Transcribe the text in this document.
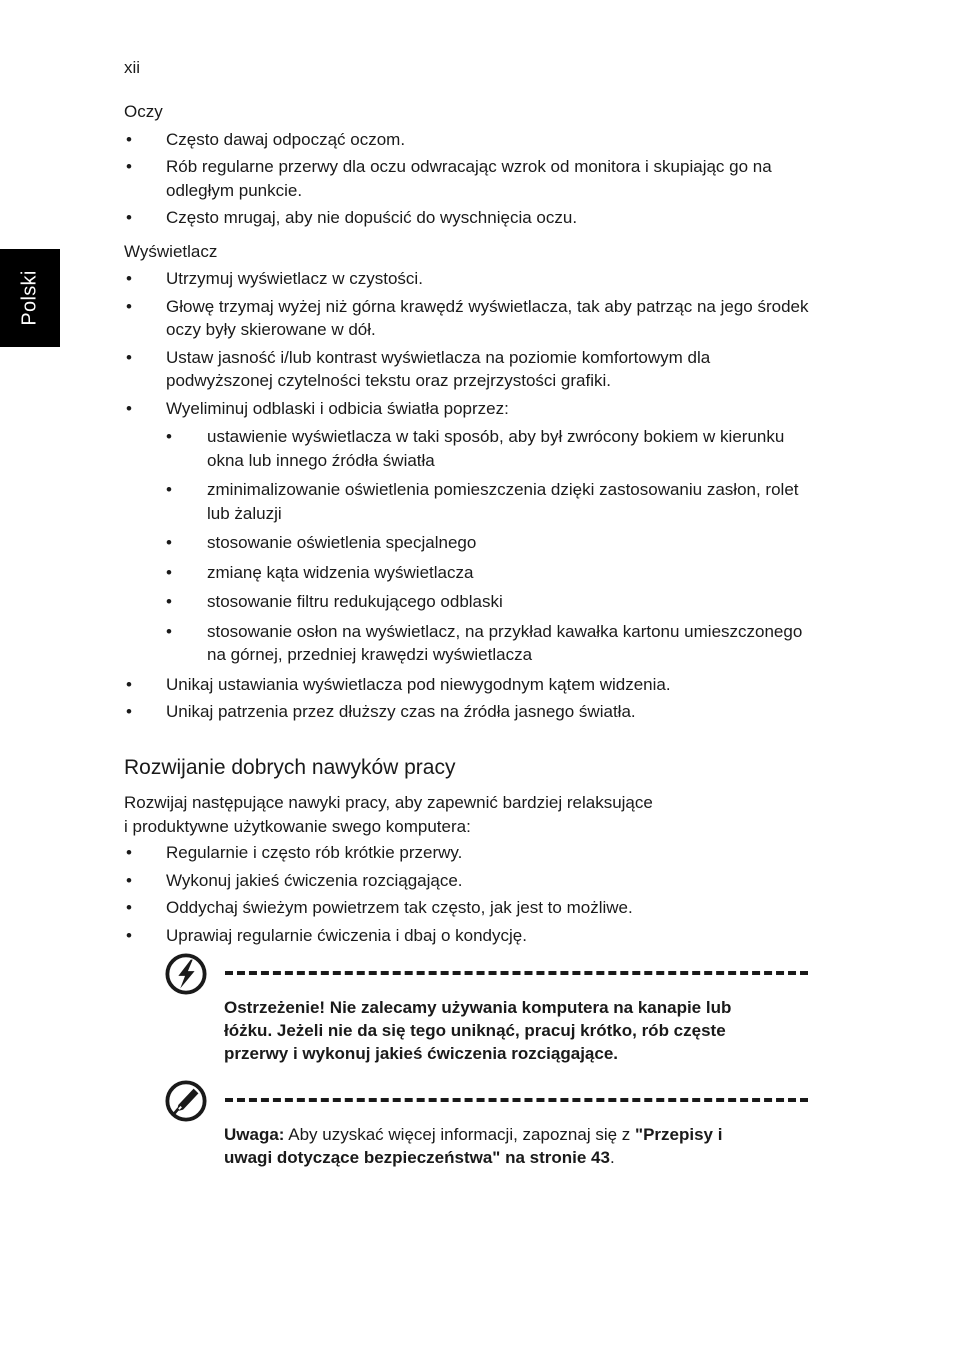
xii
Polski

Oczy

• Często dawaj odpocząć oczom.
• Rób regularne przerwy dla oczu odwracając wzrok od monitora i skupiając go na odległym punkcie.
• Często mrugaj, aby nie dopuścić do wyschnięcia oczu.

Wyświetlacz

• Utrzymuj wyświetlacz w czystości.
• Głowę trzymaj wyżej niż górna krawędź wyświetlacza, tak aby patrząc na jego środek oczy były skierowane w dół.
• Ustaw jasność i/lub kontrast wyświetlacza na poziomie komfortowym dla podwyższonej czytelności tekstu oraz przejrzystości grafiki.
• Wyeliminuj odblaski i odbicia światła poprzez:
• ustawienie wyświetlacza w taki sposób, aby był zwrócony bokiem w kierunku okna lub innego źródła światła
• zminimalizowanie oświetlenia pomieszczenia dzięki zastosowaniu zasłon, rolet lub żaluzji
• stosowanie oświetlenia specjalnego
• zmianę kąta widzenia wyświetlacza
• stosowanie filtru redukującego odblaski
• stosowanie osłon na wyświetlacz, na przykład kawałka kartonu umieszczonego na górnej, przedniej krawędzi wyświetlacza
• Unikaj ustawiania wyświetlacza pod niewygodnym kątem widzenia.
• Unikaj patrzenia przez dłuższy czas na źródła jasnego światła.
Rozwijanie dobrych nawyków pracy

Rozwijaj następujące nawyki pracy, aby zapewnić bardziej relaksujące
i produktywne użytkowanie swego komputera:

• Regularnie i często rób krótkie przerwy.
• Wykonuj jakieś ćwiczenia rozciągające.
• Oddychaj świeżym powietrzem tak często, jak jest to możliwe.
• Uprawiaj regularnie ćwiczenia i dbaj o kondycję.
Ostrzeżenie! Nie zalecamy używania komputera na kanapie lub
łóżku. Jeżeli nie da się tego uniknąć, pracuj krótko, rób częste
przerwy i wykonuj jakieś ćwiczenia rozciągające.
Uwaga: Aby uzyskać więcej informacji, zapoznaj się z "Przepisy i
uwagi dotyczące bezpieczeństwa" na stronie 43.
